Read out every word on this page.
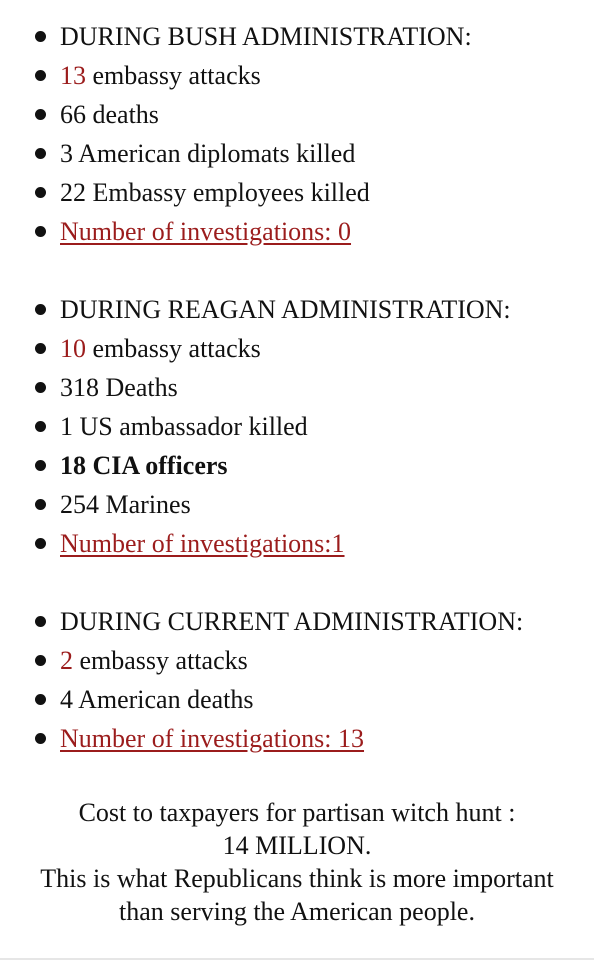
DURING BUSH ADMINISTRATION:
13 embassy attacks
66 deaths
3 American diplomats killed
22 Embassy employees killed
Number of investigations: 0
DURING REAGAN ADMINISTRATION:
10 embassy attacks
318 Deaths
1 US ambassador killed
18 CIA officers
254 Marines
Number of investigations:1
DURING CURRENT ADMINISTRATION:
2 embassy attacks
4 American deaths
Number of investigations: 13
Cost to taxpayers for partisan witch hunt :
14 MILLION.
This is what Republicans think is more important
than serving the American people.
